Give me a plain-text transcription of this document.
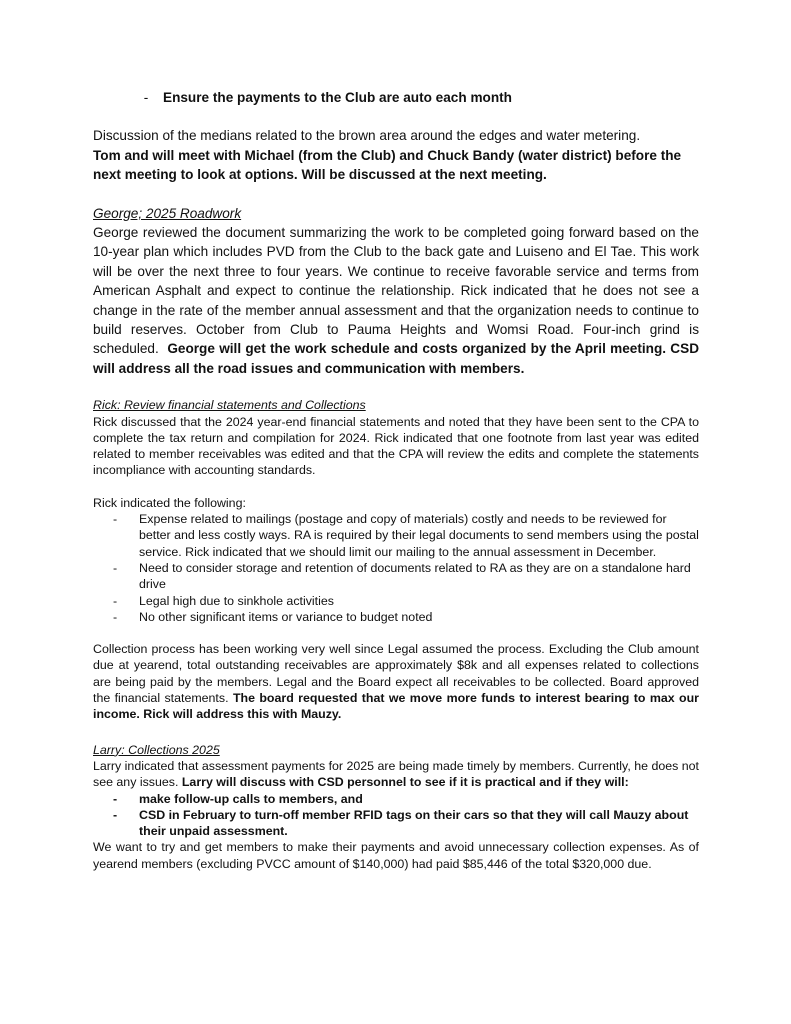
-	Ensure the payments to the Club are auto each month

Discussion of the medians related to the brown area around the edges and water metering.

Tom and will meet with Michael (from the Club) and Chuck Bandy (water district) before the next meeting to look at options. Will be discussed at the next meeting.

George; 2025 Roadwork

George reviewed the document summarizing the work to be completed going forward based on the 10-year plan which includes PVD from the Club to the back gate and Luiseno and El Tae. This work will be over the next three to four years. We continue to receive favorable service and terms from American Asphalt and expect to continue the relationship. Rick indicated that he does not see a change in the rate of the member annual assessment and that the organization needs to continue to build reserves. October from Club to Pauma Heights and Womsi Road. Four-inch grind is scheduled. George will get the work schedule and costs organized by the April meeting. CSD will address all the road issues and communication with members.

Rick: Review financial statements and Collections

Rick discussed that the 2024 year-end financial statements and noted that they have been sent to the CPA to complete the tax return and compilation for 2024. Rick indicated that one footnote from last year was edited related to member receivables was edited and that the CPA will review the edits and complete the statements incompliance with accounting standards.

Rick indicated the following:

-	Expense related to mailings (postage and copy of materials) costly and needs to be reviewed for better and less costly ways. RA is required by their legal documents to send members using the postal service. Rick indicated that we should limit our mailing to the annual assessment in December.
-	Need to consider storage and retention of documents related to RA as they are on a standalone hard drive
-	Legal high due to sinkhole activities
-	No other significant items or variance to budget noted

Collection process has been working very well since Legal assumed the process. Excluding the Club amount due at yearend, total outstanding receivables are approximately $8k and all expenses related to collections are being paid by the members. Legal and the Board expect all receivables to be collected. Board approved the financial statements. The board requested that we move more funds to interest bearing to max our income. Rick will address this with Mauzy.

Larry: Collections 2025

Larry indicated that assessment payments for 2025 are being made timely by members. Currently, he does not see any issues. Larry will discuss with CSD personnel to see if it is practical and if they will:

-	make follow-up calls to members, and
-	CSD in February to turn-off member RFID tags on their cars so that they will call Mauzy about their unpaid assessment.

We want to try and get members to make their payments and avoid unnecessary collection expenses. As of yearend members (excluding PVCC amount of $140,000) had paid $85,446 of the total $320,000 due.
